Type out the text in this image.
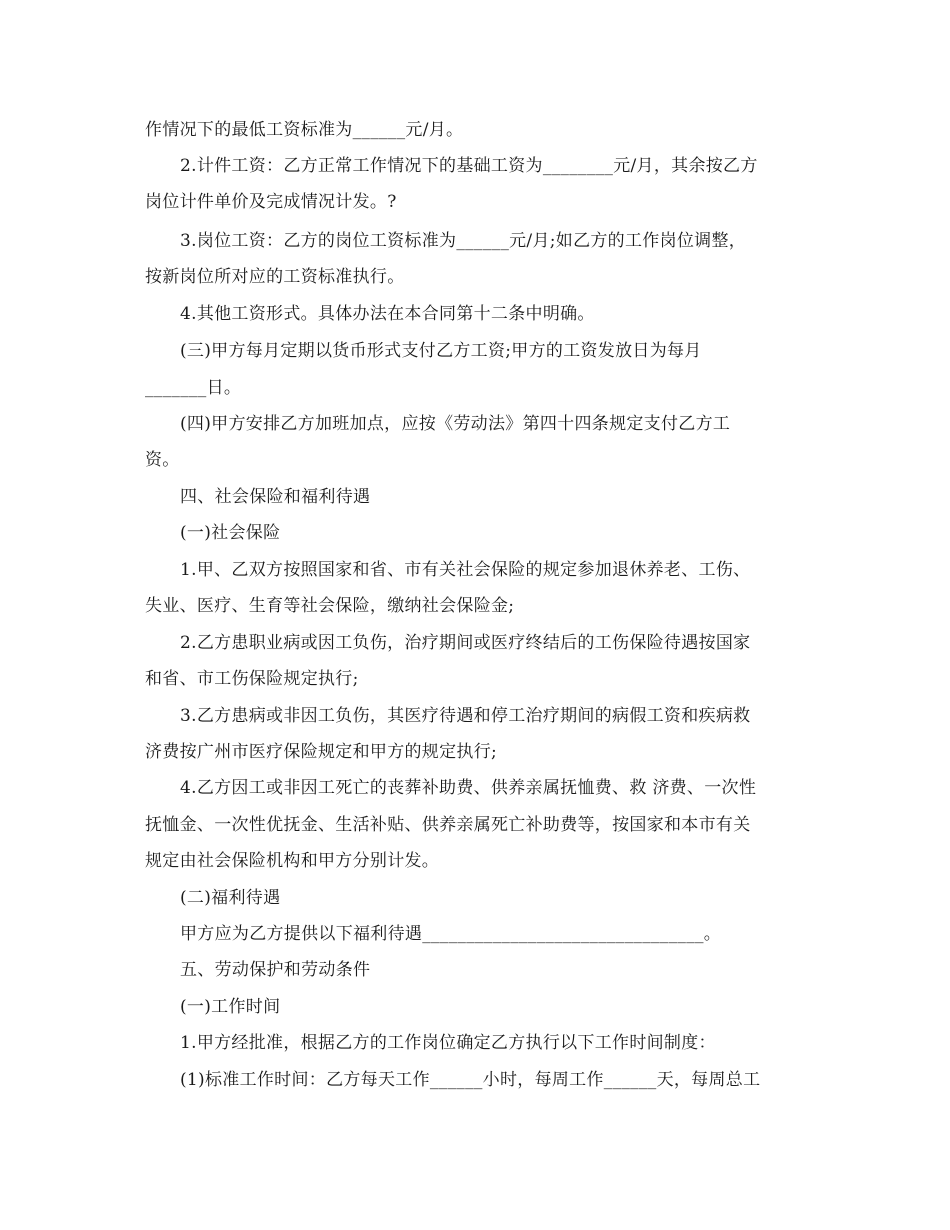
作情况下的最低工资标准为______元/月。
2.计件工资：乙方正常工作情况下的基础工资为________元/月，其余按乙方
岗位计件单价及完成情况计发。?
3.岗位工资：乙方的岗位工资标准为______元/月;如乙方的工作岗位调整，
按新岗位所对应的工资标准执行。
4.其他工资形式。具体办法在本合同第十二条中明确。
(三)甲方每月定期以货币形式支付乙方工资;甲方的工资发放日为每月
_______日。
(四)甲方安排乙方加班加点，应按《劳动法》第四十四条规定支付乙方工
资。
四、社会保险和福利待遇
(一)社会保险
1.甲、乙双方按照国家和省、市有关社会保险的规定参加退休养老、工伤、
失业、医疗、生育等社会保险，缴纳社会保险金;
2.乙方患职业病或因工负伤，治疗期间或医疗终结后的工伤保险待遇按国家
和省、市工伤保险规定执行;
3.乙方患病或非因工负伤，其医疗待遇和停工治疗期间的病假工资和疾病救
济费按广州市医疗保险规定和甲方的规定执行;
4.乙方因工或非因工死亡的丧葬补助费、供养亲属抚恤费、救 济费、一次性
抚恤金、一次性优抚金、生活补贴、供养亲属死亡补助费等，按国家和本市有关
规定由社会保险机构和甲方分别计发。
(二)福利待遇
甲方应为乙方提供以下福利待遇________________________________。
五、劳动保护和劳动条件
(一)工作时间
1.甲方经批准，根据乙方的工作岗位确定乙方执行以下工作时间制度：
(1)标准工作时间：乙方每天工作______小时，每周工作______天，每周总工
